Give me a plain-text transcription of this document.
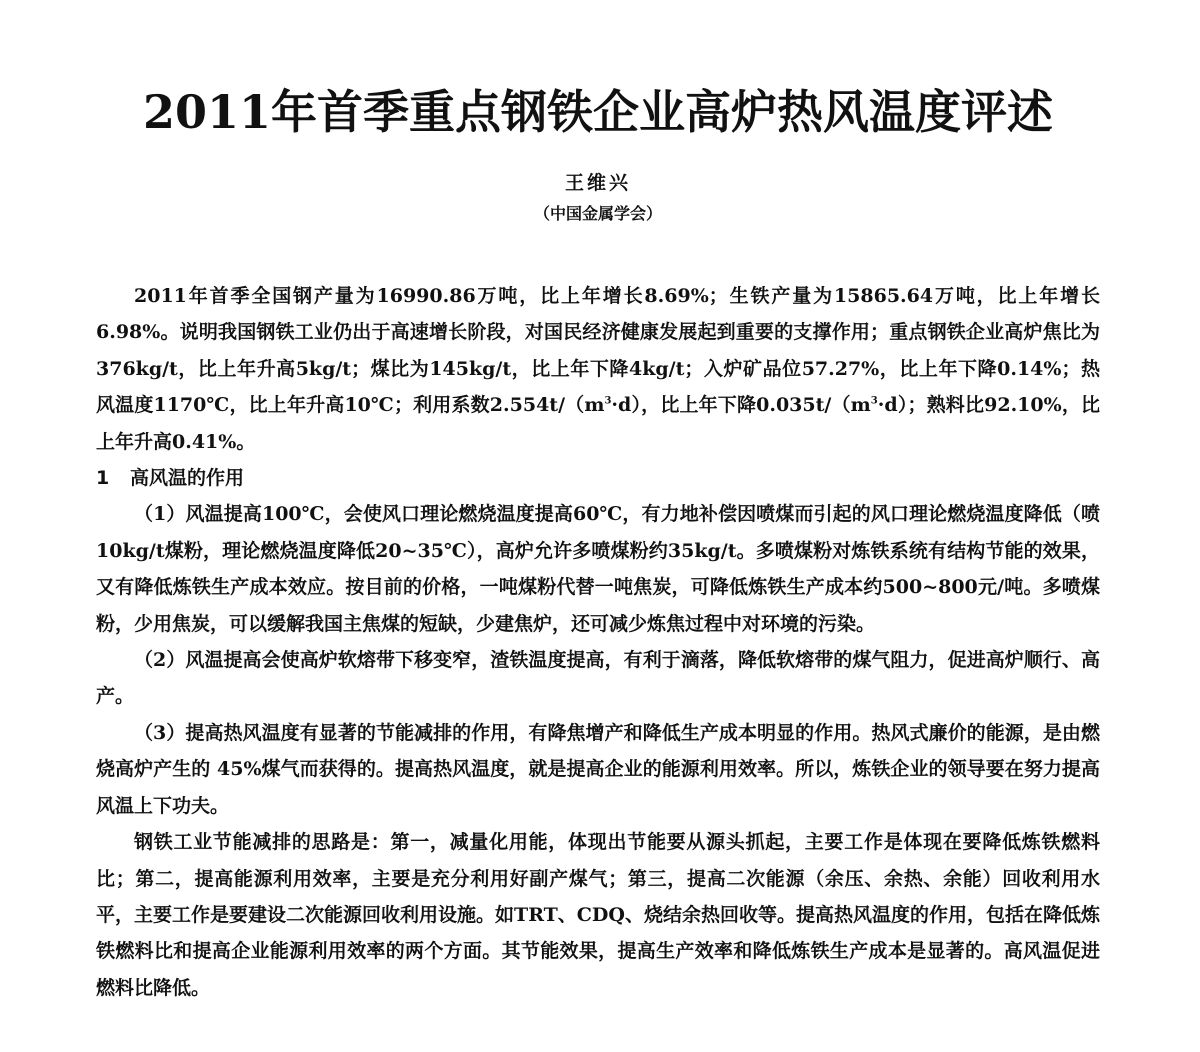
2011年首季重点钢铁企业高炉热风温度评述

王维兴

（中国金属学会）

2011年首季全国钢产量为16990.86万吨，比上年增长8.69%；生铁产量为15865.64万吨，比上年增长6.98%。说明我国钢铁工业仍出于高速增长阶段，对国民经济健康发展起到重要的支撑作用；重点钢铁企业高炉焦比为376kg/t，比上年升高5kg/t；煤比为145kg/t，比上年下降4kg/t；入炉矿品位57.27%，比上年下降0.14%；热风温度1170℃，比上年升高10℃；利用系数$2.554t/(m^3\cdot d)$，比上年下降$0.035t/(m^3\cdot d)$；熟料比92.10%，比上年升高0.41%。

1 高风温的作用

（1）风温提高100℃，会使风口理论燃烧温度提高60℃，有力地补偿因喷煤而引起的风口理论燃烧温度降低（喷10kg/t煤粉，理论燃烧温度降低20~35℃），高炉允许多喷煤粉约35kg/t。多喷煤粉对炼铁系统有结构节能的效果，又有降低炼铁生产成本效应。按目前的价格，一吨煤粉代替一吨焦炭，可降低炼铁生产成本约500~800元/吨。多喷煤粉，少用焦炭，可以缓解我国主焦煤的短缺，少建焦炉，还可减少炼焦过程中对环境的污染。

（2）风温提高会使高炉软熔带下移变窄，渣铁温度提高，有利于滴落，降低软熔带的煤气阻力，促进高炉顺行、高产。

（3）提高热风温度有显著的节能减排的作用，有降焦增产和降低生产成本明显的作用。热风式廉价的能源，是由燃烧高炉产生的 45%煤气而获得的。提高热风温度，就是提高企业的能源利用效率。所以，炼铁企业的领导要在努力提高风温上下功夫。

钢铁工业节能减排的思路是：第一，减量化用能，体现出节能要从源头抓起，主要工作是体现在要降低炼铁燃料比；第二，提高能源利用效率，主要是充分利用好副产煤气；第三，提高二次能源（余压、余热、余能）回收利用水平，主要工作是要建设二次能源回收利用设施。如TRT、CDQ、烧结余热回收等。提高热风温度的作用，包括在降低炼铁燃料比和提高企业能源利用效率的两个方面。其节能效果，提高生产效率和降低炼铁生产成本是显著的。高风温促进燃料比降低。
